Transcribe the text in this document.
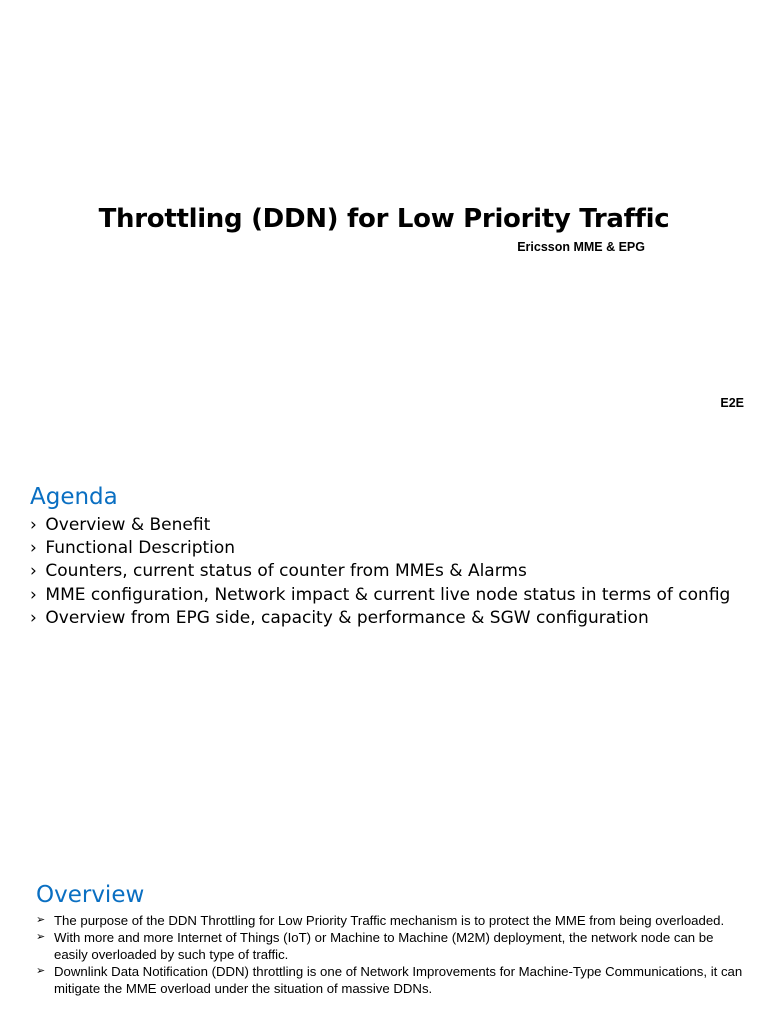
Throttling (DDN) for Low Priority Traffic
Ericsson MME & EPG
E2E
Agenda
› Overview & Benefit
› Functional Description
› Counters, current status of counter from MMEs & Alarms
› MME configuration, Network impact & current live node status in terms of config
› Overview from EPG side, capacity & performance & SGW configuration
Overview
➢ The purpose of the DDN Throttling for Low Priority Traffic mechanism is to protect the MME from being overloaded.
➢ With more and more Internet of Things (IoT) or Machine to Machine (M2M) deployment, the network node can be easily overloaded by such type of traffic.
➢ Downlink Data Notification (DDN) throttling is one of Network Improvements for Machine-Type Communications, it can mitigate the MME overload under the situation of massive DDNs.
